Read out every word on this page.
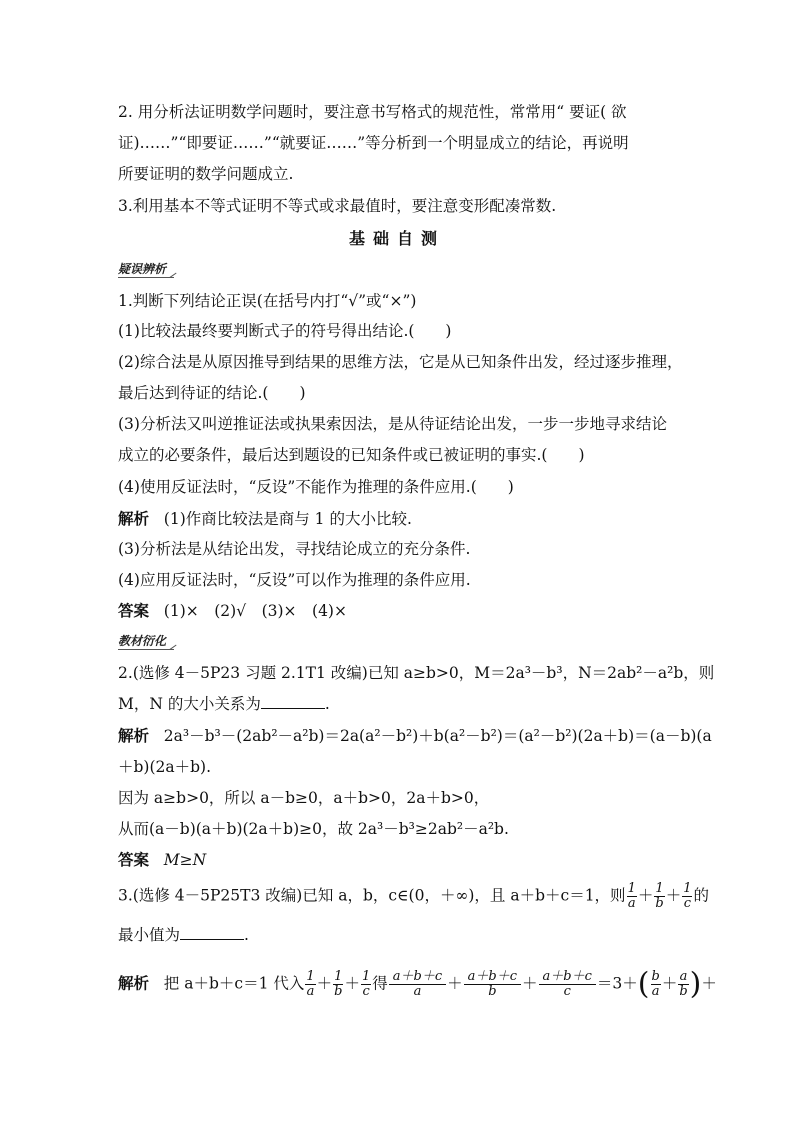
2. 用分析法证明数学问题时，要注意书写格式的规范性，常常用“ 要证( 欲
证)……”“即要证……”“就要证……”等分析到一个明显成立的结论，再说明
所要证明的数学问题成立.
3.利用基本不等式证明不等式或求最值时，要注意变形配凑常数.
基础自测
疑误辨析
1.判断下列结论正误(在括号内打“√”或“×”)
(1)比较法最终要判断式子的符号得出结论.(　　)
(2)综合法是从原因推导到结果的思维方法，它是从已知条件出发，经过逐步推理，
最后达到待证的结论.(　　)
(3)分析法又叫逆推证法或执果索因法，是从待证结论出发，一步一步地寻求结论
成立的必要条件，最后达到题设的已知条件或已被证明的事实.(　　)
(4)使用反证法时，“反设”不能作为推理的条件应用.(　　)
解析 (1)作商比较法是商与 1 的大小比较.
(3)分析法是从结论出发，寻找结论成立的充分条件.
(4)应用反证法时，“反设”可以作为推理的条件应用.
答案 (1)×　(2)√　(3)×　(4)×
教材衍化
2.(选修 4－5P23 习题 2.1T1 改编)已知 a≥b>0，M＝2a³－b³，N＝2ab²－a²b，则
M，N 的大小关系为	.
解析 2a³－b³－(2ab²－a²b)＝2a(a²－b²)＋b(a²－b²)＝(a²－b²)(2a＋b)＝(a－b)(a
＋b)(2a＋b).
因为 a≥b>0，所以 a－b≥0，a＋b>0，2a＋b>0，
从而(a－b)(a＋b)(2a＋b)≥0，故 2a³－b³≥2ab²－a²b.
答案 M≥N
3.(选修 4－5P25T3 改编)已知 a，b，c∈(0，＋∞)，且 a＋b＋c＝1，则 $\frac{1}{a} + \frac{1}{b} + \frac{1}{c}$ 的
最小值为	.
解析 把 a＋b＋c＝1 代入 $\frac{1}{a} + \frac{1}{b} + \frac{1}{c}$ 得 $\frac{a+b+c}{a} + \frac{a+b+c}{b} + \frac{a+b+c}{c} =3+( \frac{b}{a} + \frac{a}{b}$ )＋
